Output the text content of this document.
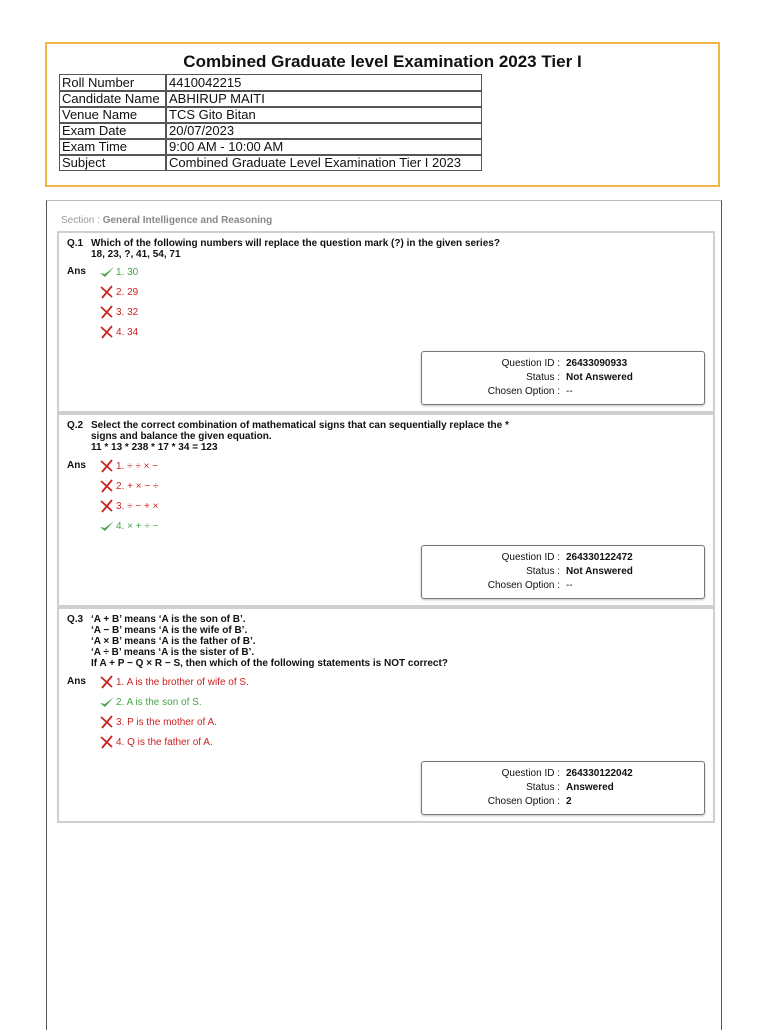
Combined Graduate level Examination 2023 Tier I
Roll Number	4410042215
Candidate Name	ABHIRUP MAITI
Venue Name	TCS Gito Bitan
Exam Date	20/07/2023
Exam Time	9:00 AM - 10:00 AM
Subject	Combined Graduate Level Examination Tier I 2023
Section : General Intelligence and Reasoning
Q.1 Which of the following numbers will replace the question mark (?) in the given series?
18, 23, ?, 41, 54, 71
Ans	1. 30
2. 29
3. 32
4. 34
Question ID : 26433090933
Status : Not Answered
Chosen Option : --
Q.2 Select the correct combination of mathematical signs that can sequentially replace the *
signs and balance the given equation.
11 * 13 * 238 * 17 * 34 = 123
Ans	1. ÷ ÷ × −
2. + × − ÷
3. ÷ − + ×
4. × + ÷ −
Question ID : 264330122472
Status : Not Answered
Chosen Option : --
Q.3 ‘A + B’ means ‘A is the son of B’.
‘A − B’ means ‘A is the wife of B’.
‘A × B’ means ‘A is the father of B’.
‘A ÷ B’ means ‘A is the sister of B’.
If A + P − Q × R − S, then which of the following statements is NOT correct?
Ans	1. A is the brother of wife of S.
2. A is the son of S.
3. P is the mother of A.
4. Q is the father of A.
Question ID : 264330122042
Status : Answered
Chosen Option : 2
